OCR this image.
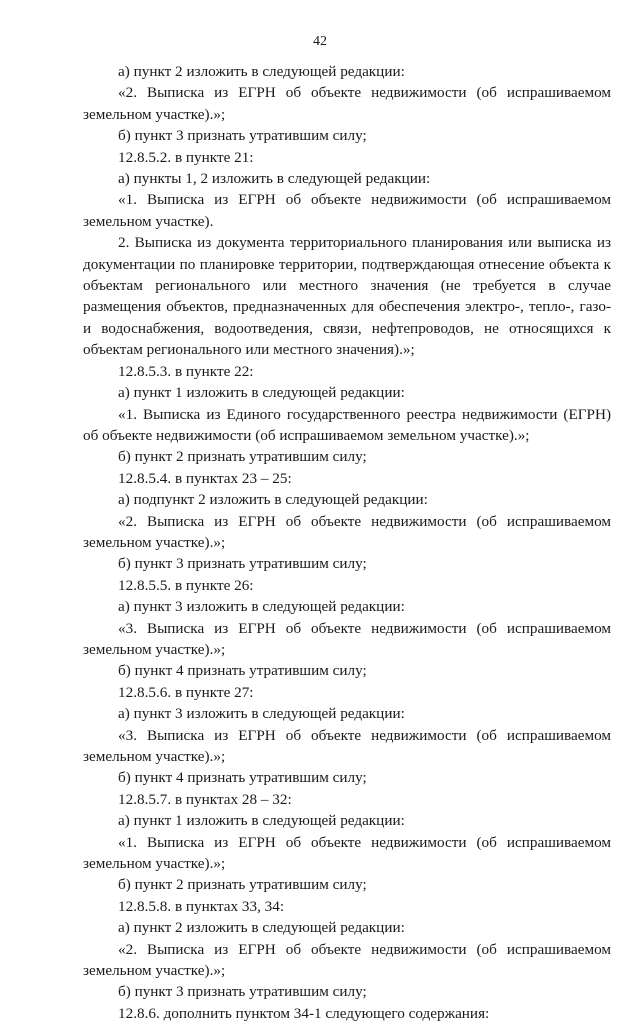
42

а) пункт 2 изложить в следующей редакции:

«2. Выписка из ЕГРН об объекте недвижимости (об испрашиваемом земельном участке).»;

б) пункт 3 признать утратившим силу;

12.8.5.2. в пункте 21:

а) пункты 1, 2 изложить в следующей редакции:

«1. Выписка из ЕГРН об объекте недвижимости (об испрашиваемом земельном участке).

2. Выписка из документа территориального планирования или выписка из документации по планировке территории, подтверждающая отнесение объекта к объектам регионального или местного значения (не требуется в случае размещения объектов, предназначенных для обеспечения электро-, тепло-, газо- и водоснабжения, водоотведения, связи, нефтепроводов, не относящихся к объектам регионального или местного значения).»;

12.8.5.3. в пункте 22:

а) пункт 1 изложить в следующей редакции:

«1. Выписка из Единого государственного реестра недвижимости (ЕГРН) об объекте недвижимости (об испрашиваемом земельном участке).»;

б) пункт 2 признать утратившим силу;

12.8.5.4. в пунктах 23 – 25:

а) подпункт 2 изложить в следующей редакции:

«2. Выписка из ЕГРН об объекте недвижимости (об испрашиваемом земельном участке).»;

б) пункт 3 признать утратившим силу;

12.8.5.5. в пункте 26:

а) пункт 3 изложить в следующей редакции:

«3. Выписка из ЕГРН об объекте недвижимости (об испрашиваемом земельном участке).»;

б) пункт 4 признать утратившим силу;

12.8.5.6. в пункте 27:

а) пункт 3 изложить в следующей редакции:

«3. Выписка из ЕГРН об объекте недвижимости (об испрашиваемом земельном участке).»;

б) пункт 4 признать утратившим силу;

12.8.5.7. в пунктах 28 – 32:

а) пункт 1 изложить в следующей редакции:

«1. Выписка из ЕГРН об объекте недвижимости (об испрашиваемом земельном участке).»;

б) пункт 2 признать утратившим силу;

12.8.5.8. в пунктах 33, 34:

а) пункт 2 изложить в следующей редакции:

«2. Выписка из ЕГРН об объекте недвижимости (об испрашиваемом земельном участке).»;

б) пункт 3 признать утратившим силу;

12.8.6. дополнить пунктом 34-1 следующего содержания:
